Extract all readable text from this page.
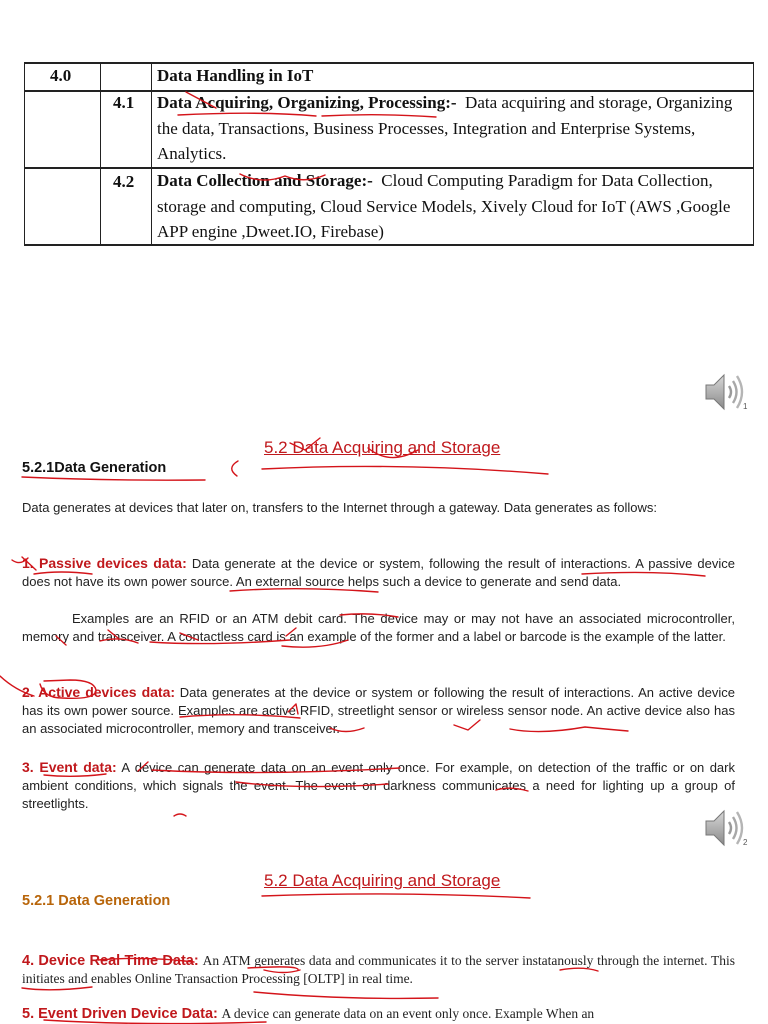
4.0	Data Handling in IoT
4.1 Data Acquiring, Organizing, Processing:- Data acquiring and storage, Organizing the data, Transactions, Business Processes, Integration and Enterprise Systems, Analytics.
4.2 Data Collection and Storage:- Cloud Computing Paradigm for Data Collection, storage and computing, Cloud Service Models, Xively Cloud for IoT (AWS ,Google APP engine ,Dweet.IO, Firebase)
1
5.2 Data Acquiring and Storage
5.2.1Data Generation
Data generates at devices that later on, transfers to the Internet through a gateway. Data generates as follows:
1. Passive devices data: Data generate at the device or system, following the result of interactions. A passive device does not have its own power source. An external source helps such a device to generate and send data.
Examples are an RFID or an ATM debit card. The device may or may not have an associated microcontroller, memory and transceiver. A contactless card is an example of the former and a label or barcode is the example of the latter.
2. Active devices data: Data generates at the device or system or following the result of interactions. An active device has its own power source. Examples are active RFID, streetlight sensor or wireless sensor node. An active device also has an associated microcontroller, memory and transceiver.
3. Event data: A device can generate data on an event only once. For example, on detection of the traffic or on dark ambient conditions, which signals the event. The event on darkness communicates a need for lighting up a group of streetlights.
2
5.2 Data Acquiring and Storage
5.2.1 Data Generation
4. Device Real Time Data: An ATM generates data and communicates it to the server instatanously through the internet. This initiates and enables Online Transaction Processing [OLTP] in real time.
5. Event Driven Device Data: A device can generate data on an event only once. Example When an
